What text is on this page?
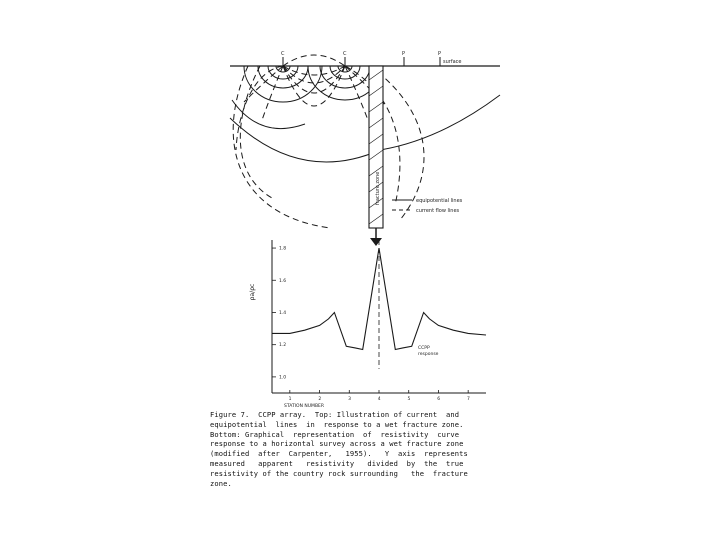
C	C	P	P
surface
fracture zone	equipotential lines
current flow lines
1.8
1.6
1.4
1.2
1.0
1	2	3	4	5	6	7
ρa/ρc
STATION NUMBER
CCPP response

Figure 7.  CCPP array.  Top: Illustration of current  and

equipotential  lines  in  response to a wet fracture zone.

Bottom: Graphical  representation  of  resistivity  curve

response to a horizontal survey across a wet fracture zone

(modified  after  Carpenter,   1955).   Y  axis  represents

measured   apparent   resistivity   divided  by  the  true

resistivity of the country rock surrounding   the  fracture

zone.
